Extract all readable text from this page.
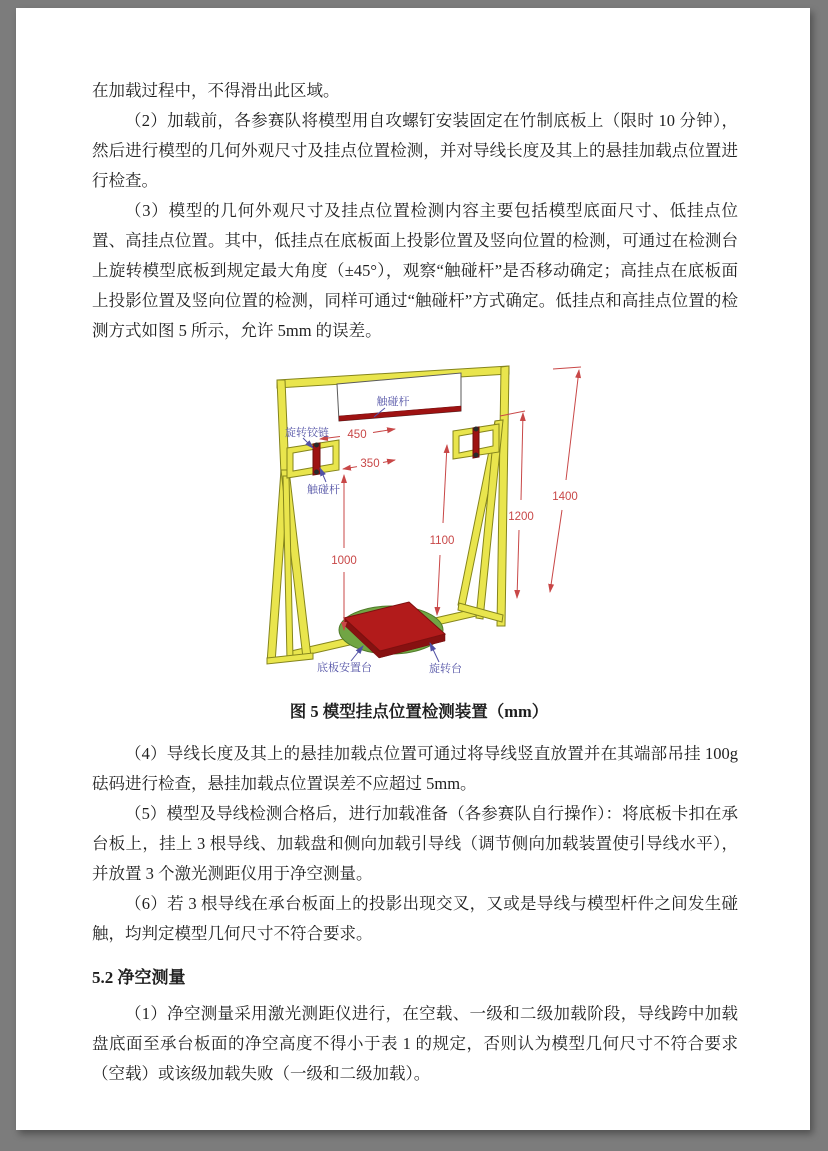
在加载过程中，不得滑出此区域。

（2）加载前，各参赛队将模型用自攻螺钉安装固定在竹制底板上（限时 10 分钟），然后进行模型的几何外观尺寸及挂点位置检测，并对导线长度及其上的悬挂加载点位置进行检查。

（3）模型的几何外观尺寸及挂点位置检测内容主要包括模型底面尺寸、低挂点位置、高挂点位置。其中，低挂点在底板面上投影位置及竖向位置的检测，可通过在检测台上旋转模型底板到规定最大角度（±45°），观察“触碰杆”是否移动确定；高挂点在底板面上投影位置及竖向位置的检测，同样可通过“触碰杆”方式确定。低挂点和高挂点位置的检测方式如图 5 所示，允许 5mm 的误差。

450
350
1000
1100
1200
1400
触碰杆
旋转铰链
触碰杆
底板安置台	旋转台
图 5 模型挂点位置检测装置（mm）

（4）导线长度及其上的悬挂加载点位置可通过将导线竖直放置并在其端部吊挂 100g 砝码进行检查，悬挂加载点位置误差不应超过 5mm。

（5）模型及导线检测合格后，进行加载准备（各参赛队自行操作）：将底板卡扣在承台板上，挂上 3 根导线、加载盘和侧向加载引导线（调节侧向加载装置使引导线水平），并放置 3 个激光测距仪用于净空测量。

（6）若 3 根导线在承台板面上的投影出现交叉，又或是导线与模型杆件之间发生碰触，均判定模型几何尺寸不符合要求。

5.2 净空测量

（1）净空测量采用激光测距仪进行，在空载、一级和二级加载阶段，导线跨中加载盘底面至承台板面的净空高度不得小于表 1 的规定，否则认为模型几何尺寸不符合要求（空载）或该级加载失败（一级和二级加载）。
